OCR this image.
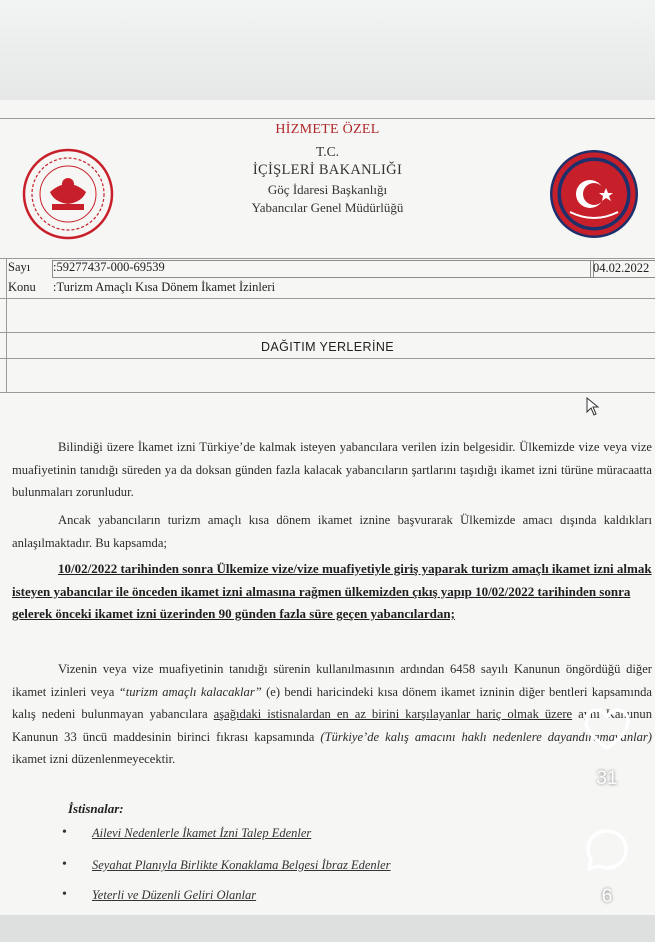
HİZMETE ÖZEL
T.C.
İÇİŞLERİ BAKANLIĞI
Göç İdaresi Başkanlığı
Yabancılar Genel Müdürlüğü
Sayı :59277437-000-69539	04.02.2022
Konu :Turizm Amaçlı Kısa Dönem İkamet İzinleri
DAĞITIM YERLERİNE
Bilindiği üzere İkamet izni Türkiye’de kalmak isteyen yabancılara verilen izin belgesidir. Ülkemizde vize veya vize muafiyetinin tanıdığı süreden ya da doksan günden fazla kalacak yabancıların şartlarını taşıdığı ikamet izni türüne müracaatta bulunmaları zorunludur.
Ancak yabancıların turizm amaçlı kısa dönem ikamet iznine başvurarak Ülkemizde amacı dışında kaldıkları anlaşılmaktadır. Bu kapsamda;
10/02/2022 tarihinden sonra Ülkemize vize/vize muafiyetiyle giriş yaparak turizm amaçlı ikamet izni almak isteyen yabancılar ile önceden ikamet izni almasına rağmen ülkemizden çıkış yapıp 10/02/2022 tarihinden sonra gelerek önceki ikamet izni üzerinden 90 günden fazla süre geçen yabancılardan;
Vizenin veya vize muafiyetinin tanıdığı sürenin kullanılmasının ardından 6458 sayılı Kanunun öngördüğü diğer ikamet izinleri veya “turizm amaçlı kalacaklar” (e) bendi haricindeki kısa dönem ikamet izninin diğer bentleri kapsamında kalış nedeni bulunmayan yabancılara aşağıdaki istisnalardan en az birini karşılayanlar hariç olmak üzere aynı Kanunun Kanunun 33 üncü maddesinin birinci fıkrası kapsamında (Türkiye’de kalış amacını haklı nedenlere dayandıramayanlar) ikamet izni düzenlenmeyecektir.
İstisnalar:
• Ailevi Nedenlerle İkamet İzni Talep Edenler
• Seyahat Planıyla Birlikte Konaklama Belgesi İbraz Edenler
• Yeterli ve Düzenli Geliri Olanlar
31
6
